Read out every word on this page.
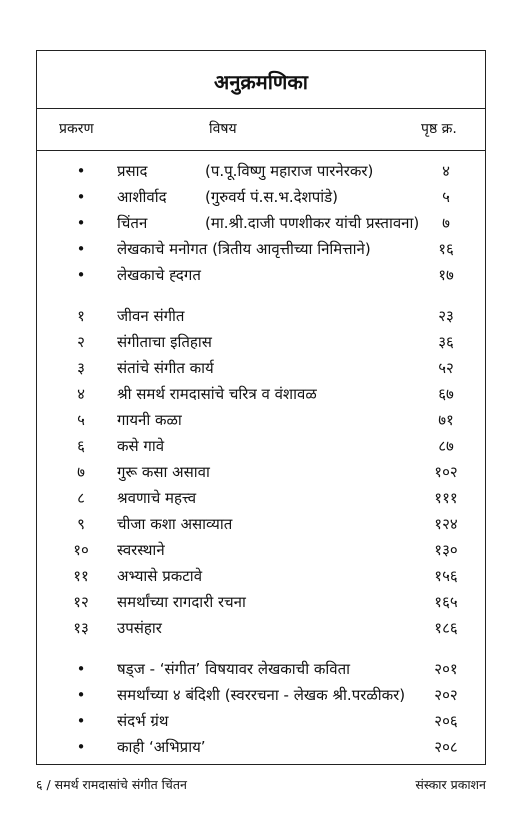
अनुक्रमणिका
प्रकरण	विषय	पृष्ठ क्र.
•	प्रसाद	(प.पू.विष्णु महाराज पारनेरकर)	४
•	आशीर्वाद	(गुरुवर्य पं.स.भ.देशपांडे)	५
•	चिंतन	(मा.श्री.दाजी पणशीकर यांची प्रस्तावना)	७
•	लेखकाचे मनोगत (त्रितीय आवृत्तीच्या निमित्ताने)	१६
•	लेखकाचे ह्दगत	१७
१	जीवन संगीत	२३
२	संगीताचा इतिहास	३६
३	संतांचे संगीत कार्य	५२
४	श्री समर्थ रामदासांचे चरित्र व वंशावळ	६७
५	गायनी कळा	७१
६	कसे गावे	८७
७	गुरू कसा असावा	१०२
८	श्रवणाचे महत्त्व	१११
९	चीजा कशा असाव्यात	१२४
१०	स्वरस्थाने	१३०
११	अभ्यासे प्रकटावे	१५६
१२	समर्थांच्या रागदारी रचना	१६५
१३	उपसंहार	१८६
•	षड्ज - ‘संगीत’ विषयावर लेखकाची कविता	२०१
•	समर्थांच्या ४ बंदिशी (स्वररचना - लेखक श्री.परळीकर)	२०२
•	संदर्भ ग्रंथ	२०६
•	काही ‘अभिप्राय’	२०८
६ / समर्थ रामदासांचे संगीत चिंतन	संस्कार प्रकाशन
